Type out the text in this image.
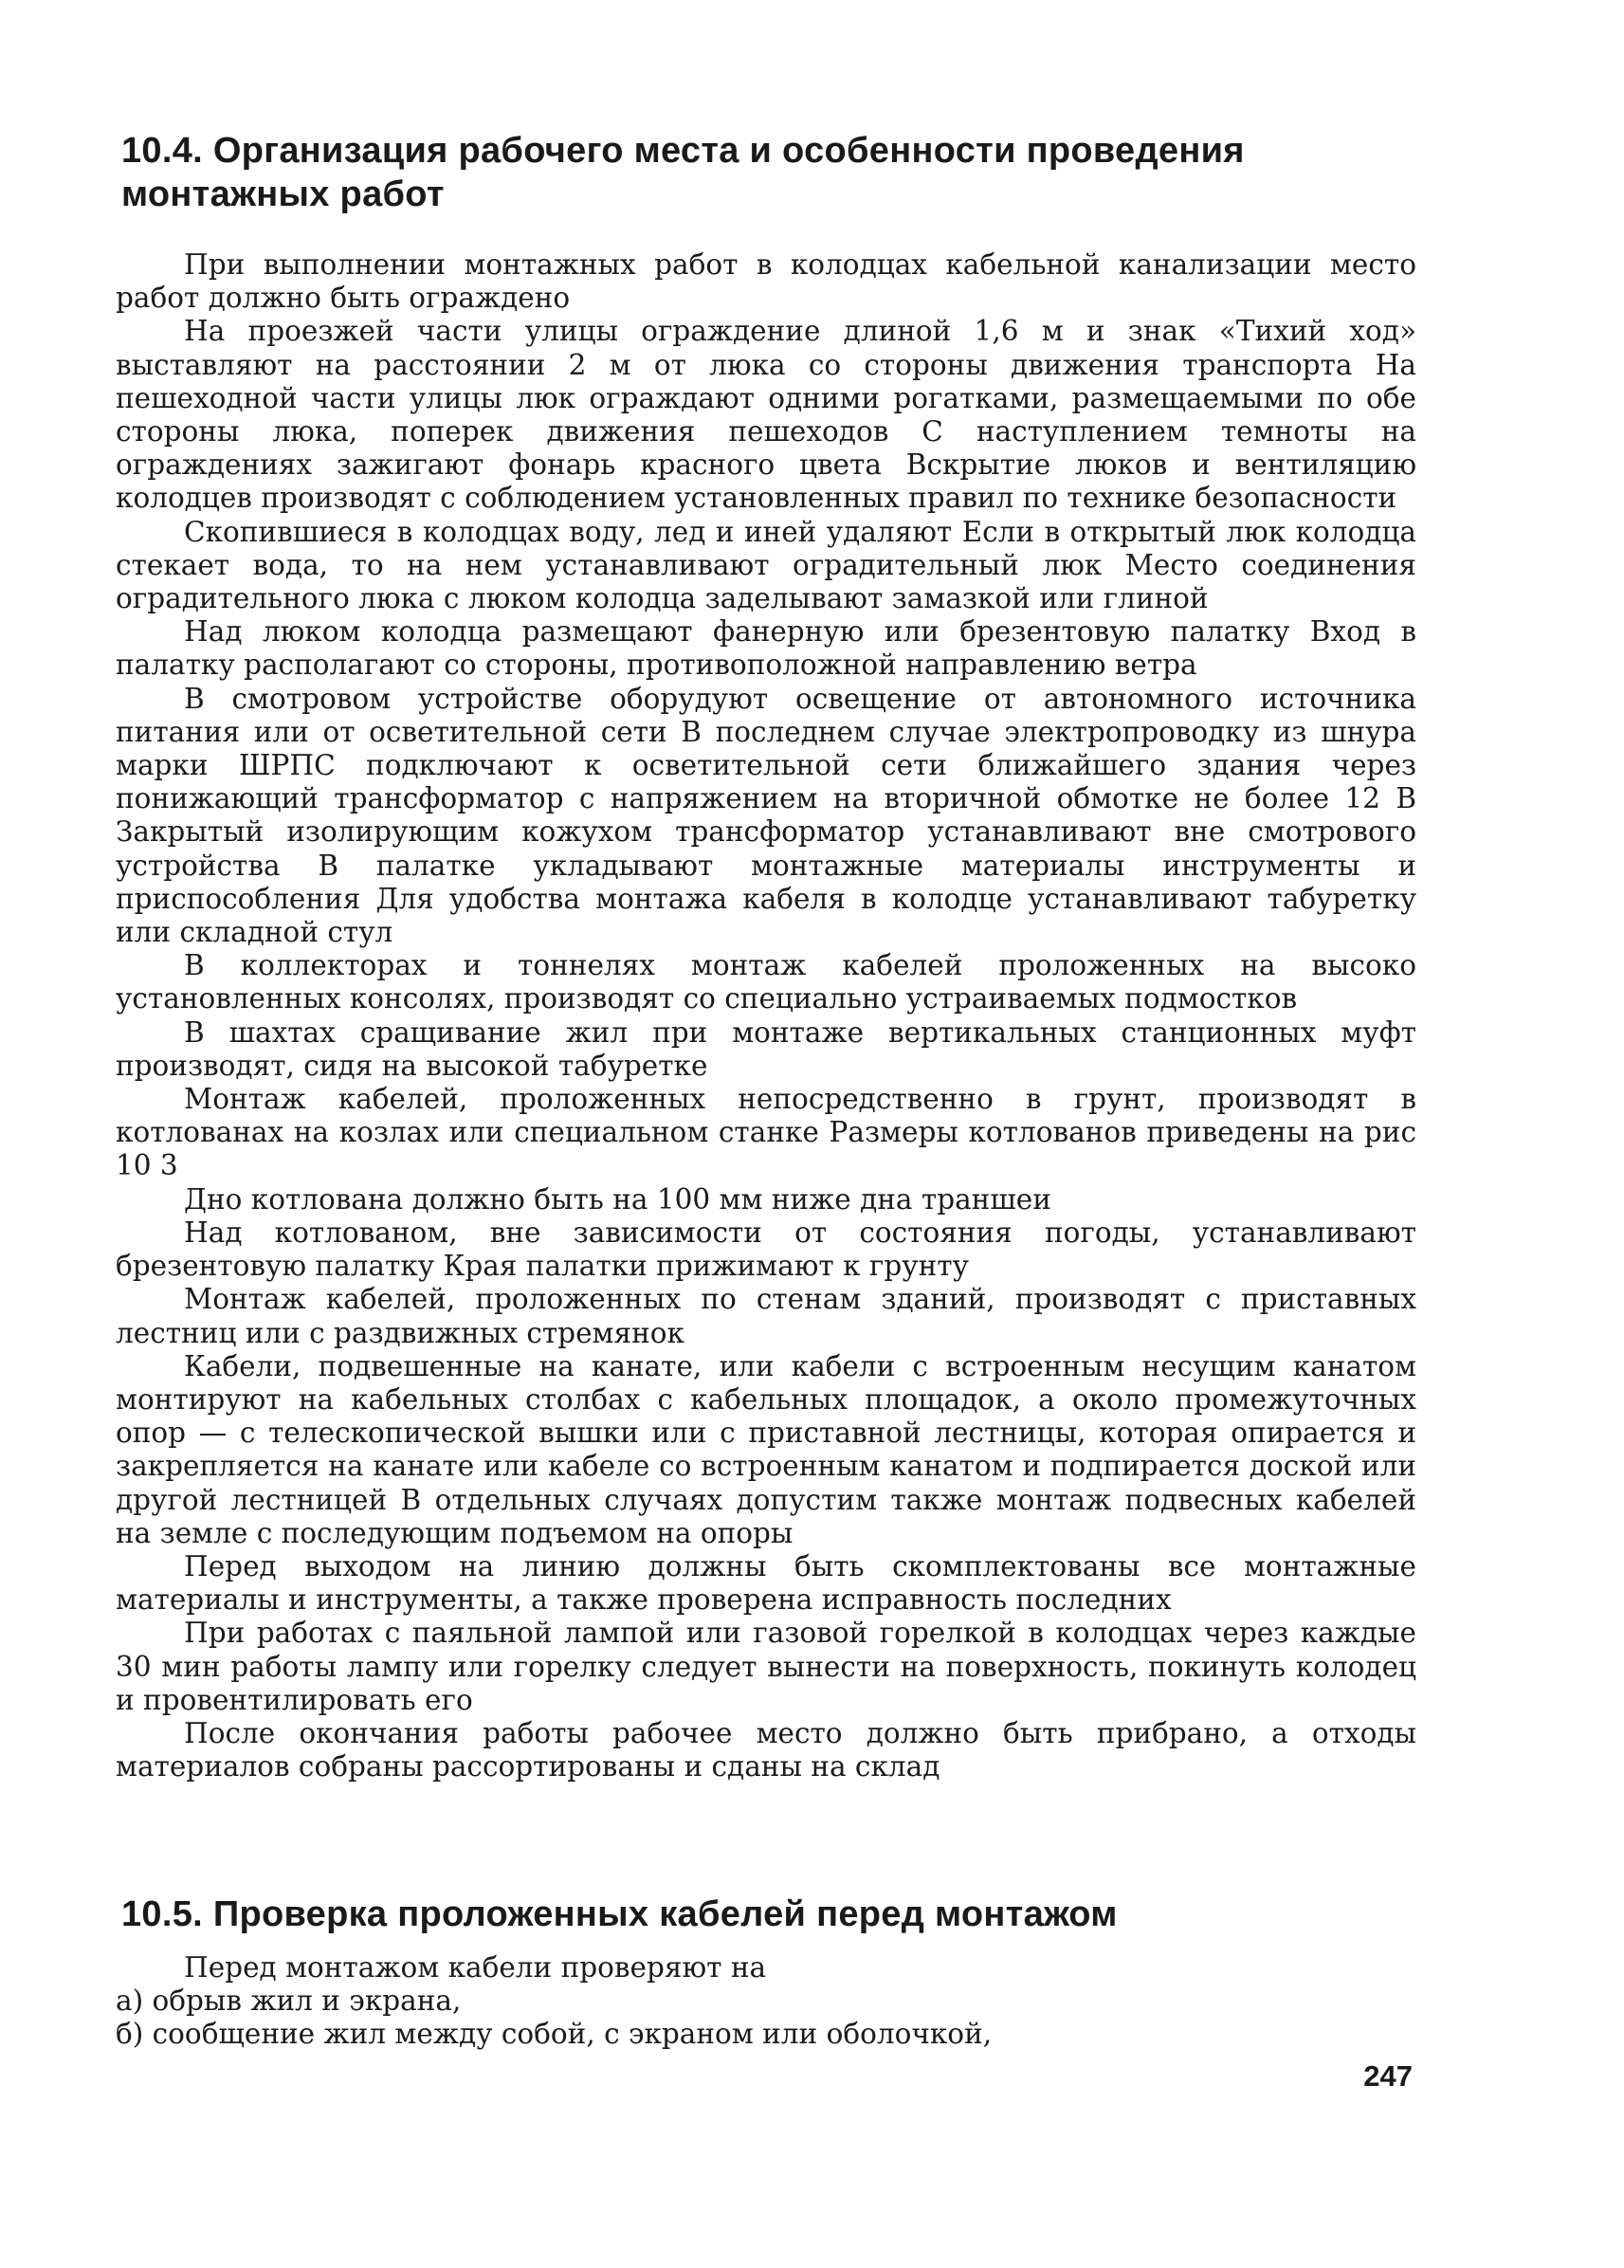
10.4. Организация рабочего места и особенности проведения монтажных работ

При выполнении монтажных работ в колодцах кабельной канализации место работ должно быть ограждено

На проезжей части улицы ограждение длиной 1,6 м и знак «Тихий ход» выставляют на расстоянии 2 м от люка со стороны движения транспорта На пешеходной части улицы люк ограждают одними рогатками, размещаемыми по обе стороны люка, поперек движения пешеходов С наступлением темноты на ограждениях зажигают фонарь красного цвета Вскрытие люков и вентиляцию колодцев производят с соблюдением установленных правил по технике безопасности

Скопившиеся в колодцах воду, лед и иней удаляют Если в открытый люк колодца стекает вода, то на нем устанавливают оградительный люк Место соединения оградительного люка с люком колодца заделывают замазкой или глиной

Над люком колодца размещают фанерную или брезентовую палатку Вход в палатку располагают со стороны, противоположной направлению ветра

В смотровом устройстве оборудуют освещение от автономного источника питания или от осветительной сети В последнем случае электропроводку из шнура марки ШРПС подключают к осветительной сети ближайшего здания через понижающий трансформатор с напряжением на вторичной обмотке не более 12 В Закрытый изолирующим кожухом трансформатор устанавливают вне смотрового устройства В палатке укладывают монтажные материалы инструменты и приспособления Для удобства монтажа кабеля в колодце устанавливают табуретку или складной стул

В коллекторах и тоннелях монтаж кабелей проложенных на высоко установленных консолях, производят со специально устраиваемых подмостков

В шахтах сращивание жил при монтаже вертикальных станционных муфт производят, сидя на высокой табуретке

Монтаж кабелей, проложенных непосредственно в грунт, производят в котлованах на козлах или специальном станке Размеры котлованов приведены на рис 10 3

Дно котлована должно быть на 100 мм ниже дна траншеи

Над котлованом, вне зависимости от состояния погоды, устанавливают брезентовую палатку Края палатки прижимают к грунту

Монтаж кабелей, проложенных по стенам зданий, производят с приставных лестниц или с раздвижных стремянок

Кабели, подвешенные на канате, или кабели с встроенным несущим канатом монтируют на кабельных столбах с кабельных площадок, а около промежуточных опор — с телескопической вышки или с приставной лестницы, которая опирается и закрепляется на канате или кабеле со встроенным канатом и подпирается доской или другой лестницей В отдельных случаях допустим также монтаж подвесных кабелей на земле с последующим подъемом на опоры

Перед выходом на линию должны быть скомплектованы все монтажные материалы и инструменты, а также проверена исправность последних

При работах с паяльной лампой или газовой горелкой в колодцах через каждые 30 мин работы лампу или горелку следует вынести на поверхность, покинуть колодец и провентилировать его

После окончания работы рабочее место должно быть прибрано, а отходы материалов собраны рассортированы и сданы на склад

10.5. Проверка проложенных кабелей перед монтажом

Перед монтажом кабели проверяют на

а) обрыв жил и экрана,

б) сообщение жил между собой, с экраном или оболочкой,

247
